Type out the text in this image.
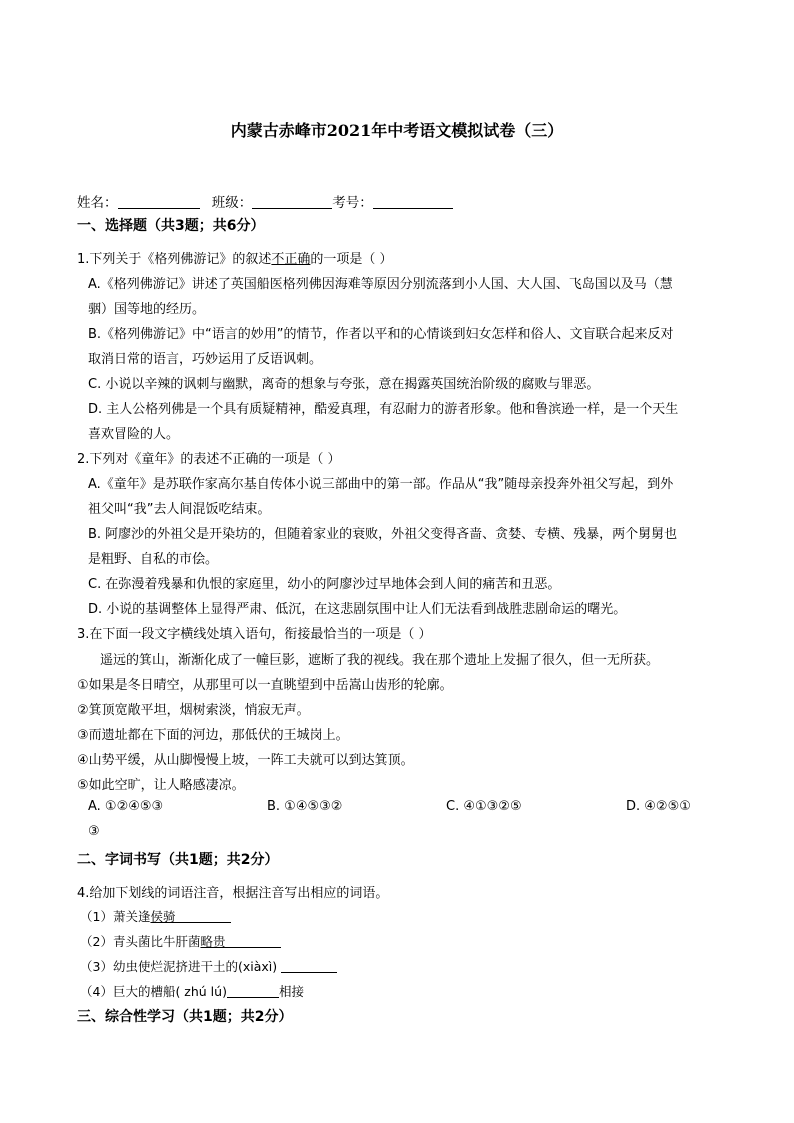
内蒙古赤峰市2021年中考语文模拟试卷（三）
姓名：	班级：	考号：
一、选择题（共3题；共6分）
1.下列关于《格列佛游记》的叙述不正确的一项是（ ）
A.《格列佛游记》讲述了英国船医格列佛因海难等原因分别流落到小人国、大人国、飞岛国以及马（慧
骃）国等地的经历。
B.《格列佛游记》中“语言的妙用”的情节，作者以平和的心情谈到妇女怎样和俗人、文盲联合起来反对
取消日常的语言，巧妙运用了反语讽刺。
C. 小说以辛辣的讽刺与幽默，离奇的想象与夸张，意在揭露英国统治阶级的腐败与罪恶。
D. 主人公格列佛是一个具有质疑精神，酷爱真理，有忍耐力的游者形象。他和鲁滨逊一样，是一个天生
喜欢冒险的人。
2.下列对《童年》的表述不正确的一项是（ ）
A.《童年》是苏联作家高尔基自传体小说三部曲中的第一部。作品从“我”随母亲投奔外祖父写起，到外
祖父叫“我”去人间混饭吃结束。
B. 阿廖沙的外祖父是开染坊的，但随着家业的衰败，外祖父变得吝啬、贪婪、专横、残暴，两个舅舅也
是粗野、自私的市侩。
C. 在弥漫着残暴和仇恨的家庭里，幼小的阿廖沙过早地体会到人间的痛苦和丑恶。
D. 小说的基调整体上显得严肃、低沉，在这悲剧氛围中让人们无法看到战胜悲剧命运的曙光。
3.在下面一段文字横线处填入语句，衔接最恰当的一项是（ ）
遥远的箕山，渐渐化成了一幢巨影，遮断了我的视线。我在那个遗址上发掘了很久，但一无所获。
①如果是冬日晴空，从那里可以一直眺望到中岳嵩山齿形的轮廓。
②箕顶宽敞平坦，烟树索淡，悄寂无声。
③而遗址都在下面的河边，那低伏的王城岗上。
④山势平缓，从山脚慢慢上坡，一阵工夫就可以到达箕顶。
⑤如此空旷，让人略感凄凉。
A. ①②④⑤③	B. ①④⑤③②	C. ④①③②⑤	D. ④②⑤①
③
二、字词书写（共1题；共2分）
4.给加下划线的词语注音，根据注音写出相应的词语。
（1）萧关逢侯骑
（2）青头菌比牛肝菌略贵
（3）幼虫使烂泥挤进干土的(xiàxì)
（4）巨大的槽船( zhú lú)	相接
三、综合性学习（共1题；共2分）
